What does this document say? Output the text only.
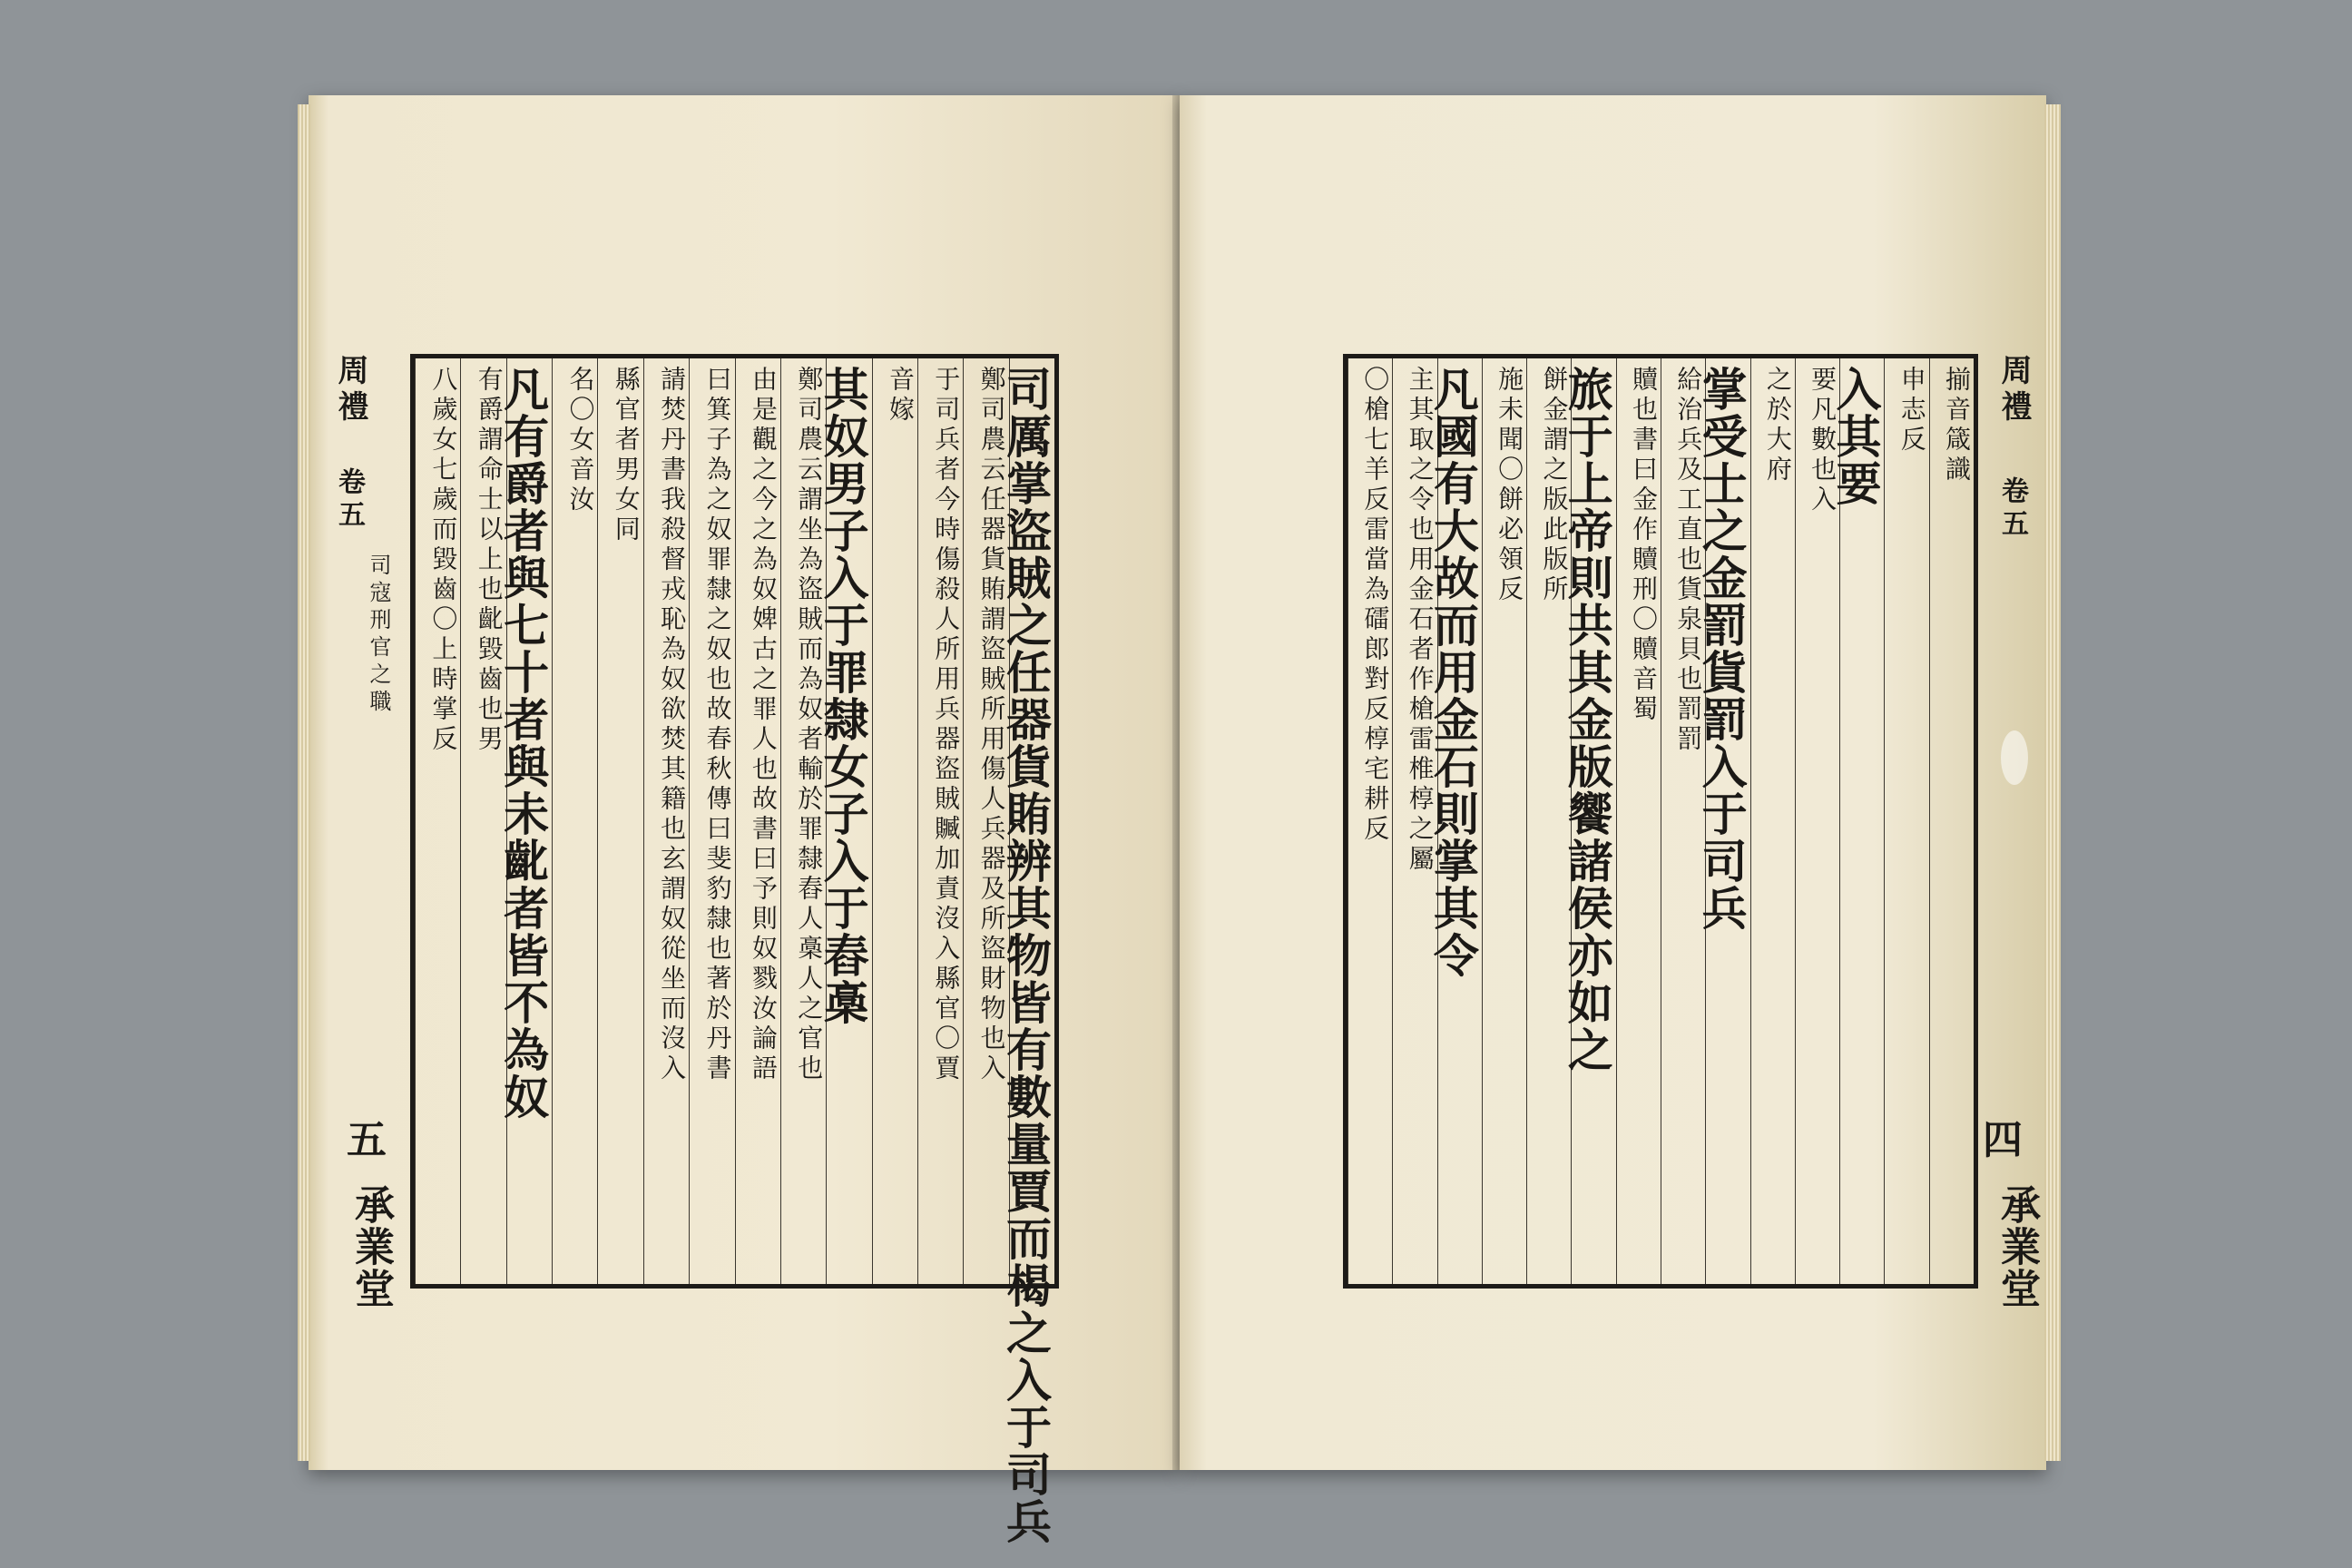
周禮
卷五
司寇刑官之職
五
承業堂	司厲掌盜賊之任器貨賄辨其物皆有數量賈而楬之入于司兵
鄭司農云任器貨賄謂盜賊所用傷人兵器及所盜財物也入
于司兵者今時傷殺人所用兵器盜賊贓加責沒入縣官〇賈
音嫁
其奴男子入于罪隸女子入于舂槀
鄭司農云謂坐為盜賊而為奴者輸於罪隸舂人槀人之官也
由是觀之今之為奴婢古之罪人也故書曰予則奴戮汝論語
曰箕子為之奴罪隸之奴也故春秋傳曰斐豹隸也著於丹書
請焚丹書我殺督戎恥為奴欲焚其籍也玄謂奴從坐而沒入
縣官者男女同
名〇女音汝
凡有爵者與七十者與未齔者皆不為奴
有爵謂命士以上也齔毀齒也男
八歲女七歲而毀齒〇上時掌反	周禮
卷五
四
承業堂
揃音箴識
申志反
入其要
要凡數也入
之於大府
掌受士之金罰貨罰入于司兵
給治兵及工直也貨泉貝也罰罰
贖也書曰金作贖刑〇贖音蜀
旅于上帝則共其金版饗諸侯亦如之
餅金謂之版此版所
施未聞〇餅必領反
凡國有大故而用金石則掌其令
主其取之令也用金石者作槍雷椎椁之屬
〇槍七羊反雷當為礌郎對反椁宅耕反
